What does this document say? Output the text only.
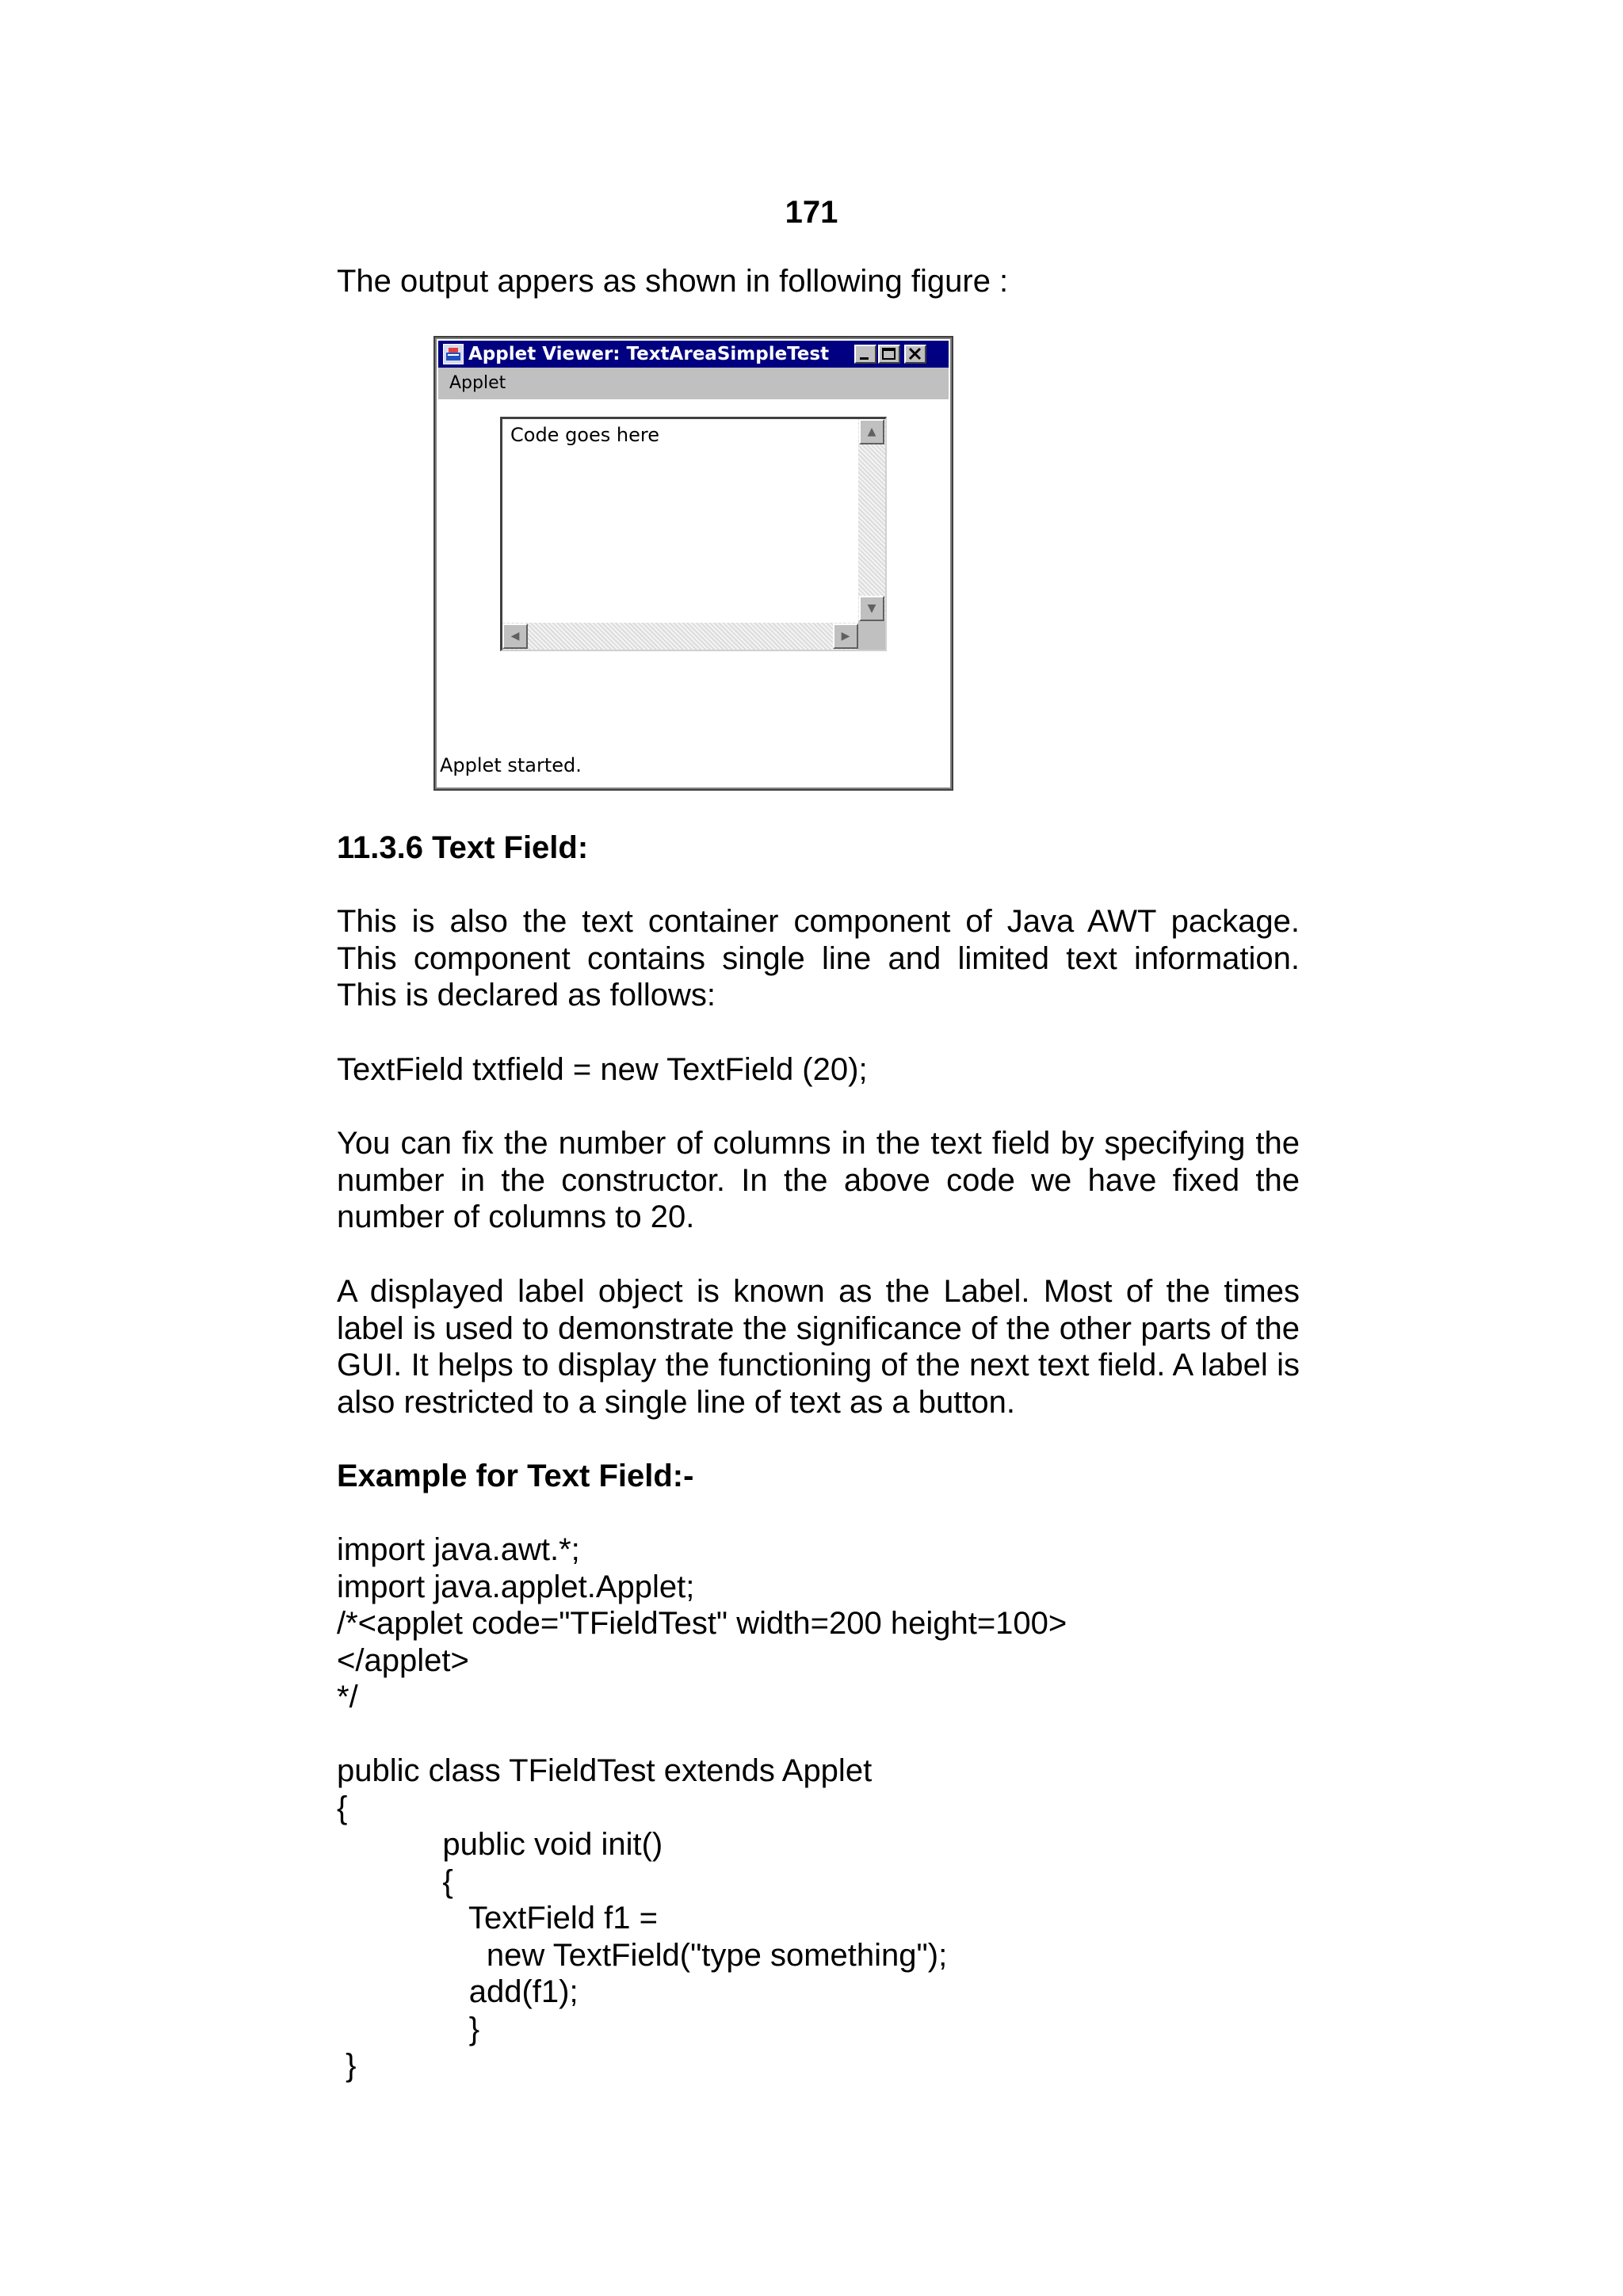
171
The output appers as shown in following figure :
Applet Viewer: TextAreaSimpleTest
Applet
Code goes here	▲
▼
◀	▶
Applet started.
11.3.6 Text Field:
This is also the text container component of Java AWT package. This component contains single line and limited text information. This is declared as follows:
TextField txtfield = new TextField (20);
You can fix the number of columns in the text field by specifying the number in the constructor. In the above code we have fixed the number of columns to 20.
A displayed label object is known as the Label. Most of the times label is used to demonstrate the significance of the other parts of the GUI. It helps to display the functioning of the next text field. A label is also restricted to a single line of text as a button.
Example for Text Field:-
import java.awt.*;
import java.applet.Applet;
/*<applet code="TFieldTest" width=200 height=100>
</applet>
*/
public class TFieldTest extends Applet
{
public void init()
{
TextField f1 =
new TextField("type something");
add(f1);
}
}
